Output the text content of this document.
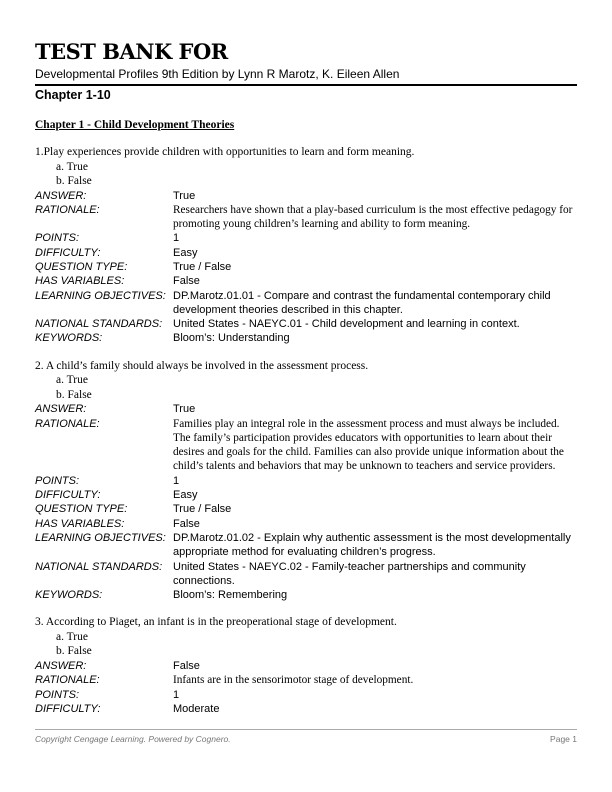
TEST BANK FOR
Developmental Profiles 9th Edition by Lynn R Marotz, K. Eileen Allen
Chapter 1-10
Chapter 1 - Child Development Theories
1.Play experiences provide children with opportunities to learn and form meaning.
a. True
b. False
ANSWER:	True
RATIONALE:	Researchers have shown that a play-based curriculum is the most effective pedagogy for promoting young children’s learning and ability to form meaning.
POINTS:	1
DIFFICULTY:	Easy
QUESTION TYPE:	True / False
HAS VARIABLES:	False
LEARNING OBJECTIVES: DP.Marotz.01.01 - Compare and contrast the fundamental contemporary child development theories described in this chapter.
NATIONAL STANDARDS: United States - NAEYC.01 - Child development and learning in context.
KEYWORDS:	Bloom’s: Understanding
2. A child’s family should always be involved in the assessment process.
a. True
b. False
ANSWER:	True
RATIONALE:	Families play an integral role in the assessment process and must always be included. The family’s participation provides educators with opportunities to learn about their desires and goals for the child. Families can also provide unique information about the child’s talents and behaviors that may be unknown to teachers and service providers.
POINTS:	1
DIFFICULTY:	Easy
QUESTION TYPE:	True / False
HAS VARIABLES:	False
LEARNING OBJECTIVES: DP.Marotz.01.02 - Explain why authentic assessment is the most developmentally appropriate method for evaluating children’s progress.
NATIONAL STANDARDS: United States - NAEYC.02 - Family-teacher partnerships and community connections.
KEYWORDS:	Bloom’s: Remembering
3. According to Piaget, an infant is in the preoperational stage of development.
a. True
b. False
ANSWER:	False
RATIONALE:	Infants are in the sensorimotor stage of development.
POINTS:	1
DIFFICULTY:	Moderate
Copyright Cengage Learning. Powered by Cognero.	Page 1
